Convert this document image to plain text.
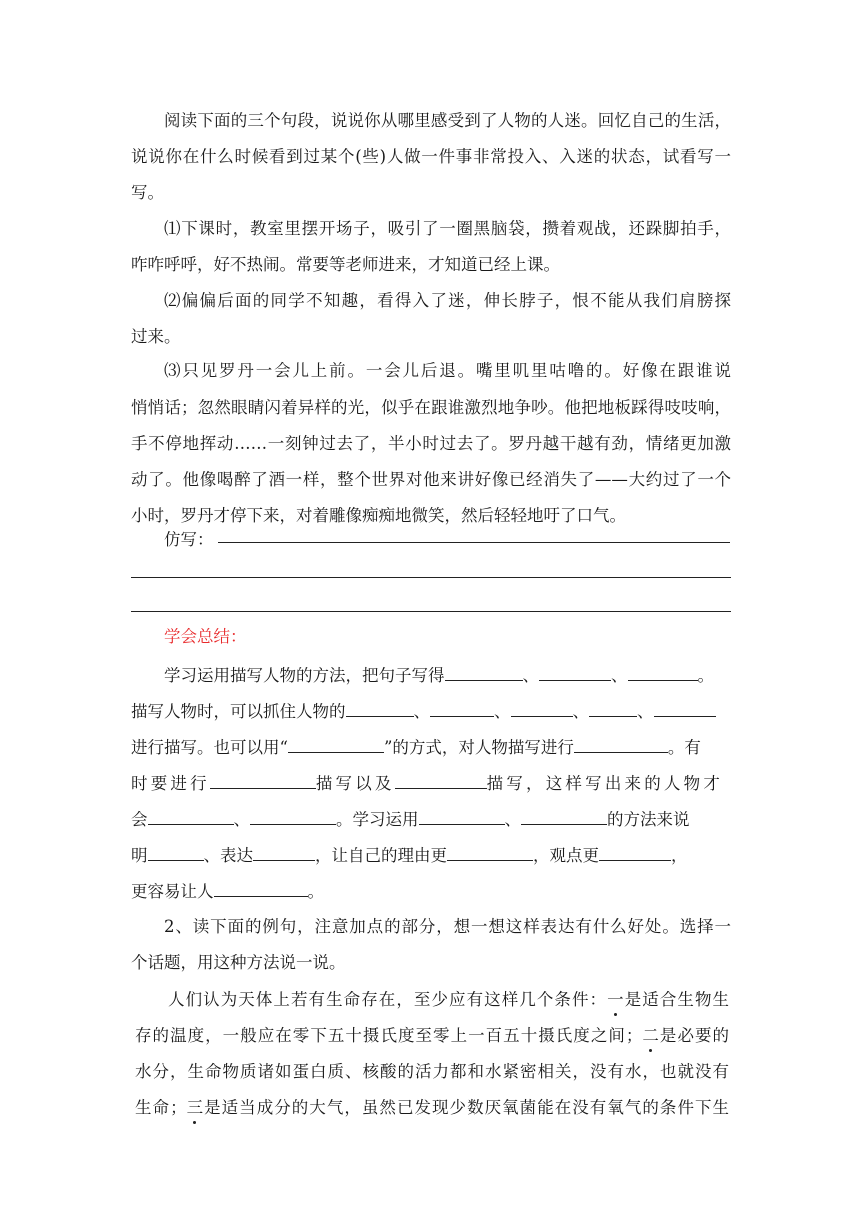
阅读下面的三个句段，说说你从哪里感受到了人物的人迷。回忆自己的生活，
说说你在什么时候看到过某个(些)人做一件事非常投入、入迷的状态，试看写一
写。
⑴下课时，教室里摆开场子，吸引了一圈黑脑袋，攒着观战，还跺脚拍手，
咋咋呼呼，好不热闹。常要等老师进来，才知道已经上课。
⑵偏偏后面的同学不知趣，看得入了迷，伸长脖子，恨不能从我们肩膀探
过来。
⑶只见罗丹一会儿上前。一会儿后退。嘴里叽里咕噜的。好像在跟谁说
悄悄话；忽然眼睛闪着异样的光，似乎在跟谁激烈地争吵。他把地板踩得吱吱响，
手不停地挥动……一刻钟过去了，半小时过去了。罗丹越干越有劲，情绪更加激
动了。他像喝醉了酒一样，整个世界对他来讲好像已经消失了——大约过了一个
小时，罗丹才停下来，对着雕像痴痴地微笑，然后轻轻地吁了口气。
仿写：
学会总结：
学习运用描写人物的方法，把句子写得	、	、	。
描写人物时，可以抓住人物的	、	、	、	、
进行描写。也可以用“	”的方式，对人物描写进行	。有
时要进行	描写以及	描写，这样写出来的人物才
会	、	。学习运用	、	的方法来说
明	、表达	，让自己的理由更	，观点更	，
更容易让人	。
2、读下面的例句，注意加点的部分，想一想这样表达有什么好处。选择一
个话题，用这种方法说一说。
人们认为天体上若有生命存在，至少应有这样几个条件：一是适合生物生
存的温度，一般应在零下五十摄氏度至零上一百五十摄氏度之间；二是必要的
水分，生命物质诸如蛋白质、核酸的活力都和水紧密相关，没有水，也就没有
生命；三是适当成分的大气，虽然已发现少数厌氧菌能在没有氧气的条件下生
